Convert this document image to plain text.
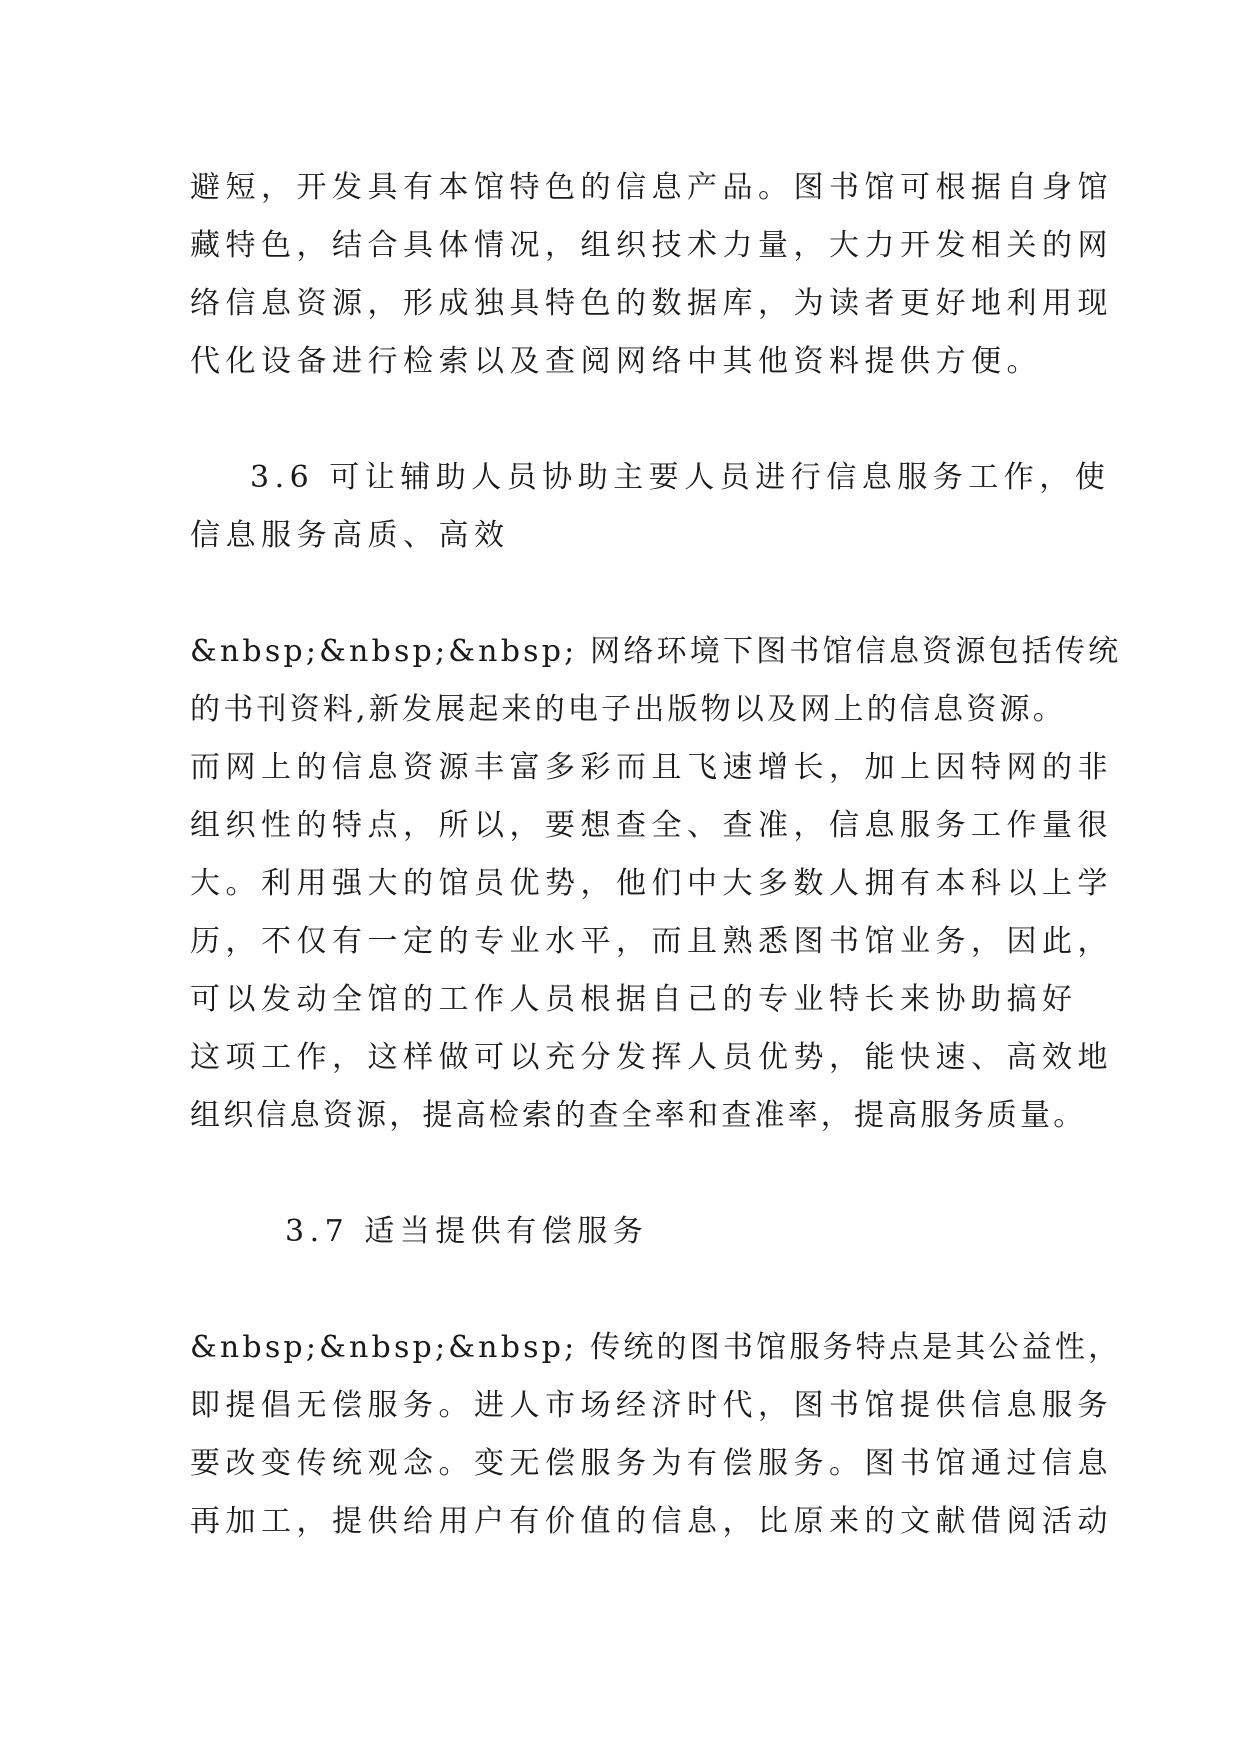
避短，开发具有本馆特色的信息产品。图书馆可根据自身馆
藏特色，结合具体情况，组织技术力量，大力开发相关的网
络信息资源，形成独具特色的数据库，为读者更好地利用现
代化设备进行检索以及查阅网络中其他资料提供方便。
3.6 可让辅助人员协助主要人员进行信息服务工作，使
信息服务高质、高效
&nbsp;&nbsp;&nbsp; 网络环境下图书馆信息资源包括传统
的书刊资料,新发展起来的电子出版物以及网上的信息资源。
而网上的信息资源丰富多彩而且飞速增长，加上因特网的非
组织性的特点，所以，要想查全、查准，信息服务工作量很
大。利用强大的馆员优势，他们中大多数人拥有本科以上学
历，不仅有一定的专业水平，而且熟悉图书馆业务，因此，
可以发动全馆的工作人员根据自己的专业特长来协助搞好
这项工作，这样做可以充分发挥人员优势，能快速、高效地
组织信息资源，提高检索的查全率和查准率，提高服务质量。
3.7 适当提供有偿服务
&nbsp;&nbsp;&nbsp; 传统的图书馆服务特点是其公益性，
即提倡无偿服务。进人市场经济时代，图书馆提供信息服务
要改变传统观念。变无偿服务为有偿服务。图书馆通过信息
再加工，提供给用户有价值的信息，比原来的文献借阅活动
